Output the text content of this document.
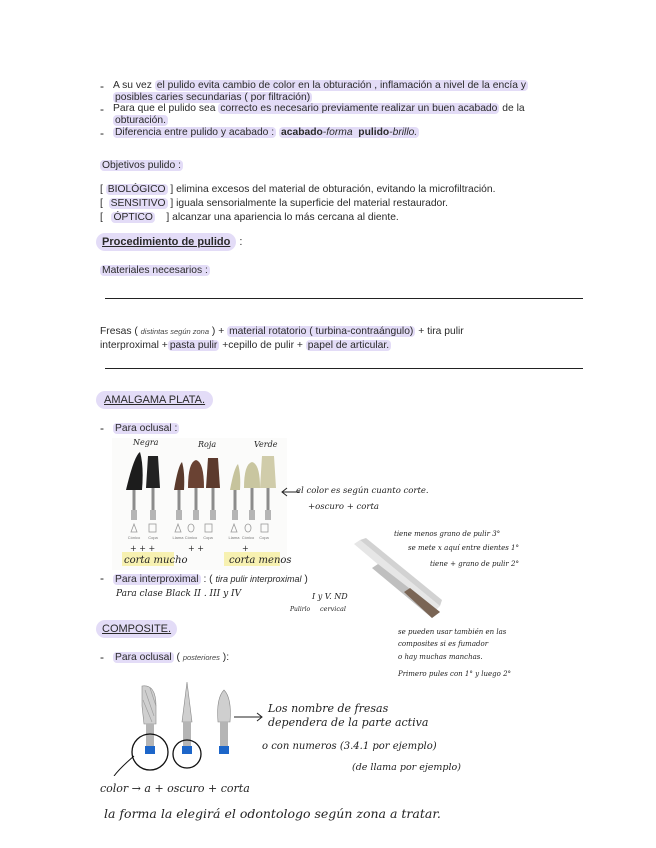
- A su vez el pulido evita cambio de color en la obturación , inflamación a nivel de la encía y
posibles caries secundarias ( por filtración)
- Para que el pulido sea correcto es necesario previamente realizar un buen acabado de la
obturación.
- Diferencia entre pulido y acabado : acabado-forma pulido-brillo.
Objetivos pulido :
[ BIOLÓGICO ] elimina excesos del material de obturación, evitando la microfiltración.
[  SENSITIVO ] iguala sensorialmente la superficie del material restaurador.
[   ÓPTICO ] alcanzar una apariencia lo más cercana al diente.
Procedimiento de pulido :
Materiales necesarios :
Fresas ( distintas según zona ) + material rotatorio ( turbina-contraángulo) + tira pulir
interproximal + pasta pulir +cepillo de pulir + papel de articular.
AMALGAMA PLATA.
- Para oclusal :
Cónico Copa	Llama Cónico Copa	Llama Cónico Copa
Negra	Roja	Verde
+ + +	+ +	+
corta mucho	corta menos
el color es según cuanto corte.
+oscuro + corta
tiene menos grano de pulir 3°
se mete x aquí entre dientes 1°
tiene + grano de pulir 2°
se pueden usar también en las
composites si es fumador
o hay muchas manchas.
Primero pules con 1° y luego 2°
- Para interproximal : ( tira pulir interproximal )
Para clase Black II . III y IV	I y V. ND
Pulirlo cervical
COMPOSITE.
- Para oclusal ( posteriores ):
Los nombre de fresas
dependera de la parte activa
o con numeros (3.4.1 por ejemplo)
(de llama por ejemplo)
color → a + oscuro + corta
la forma la elegirá el odontologo según zona a tratar.
